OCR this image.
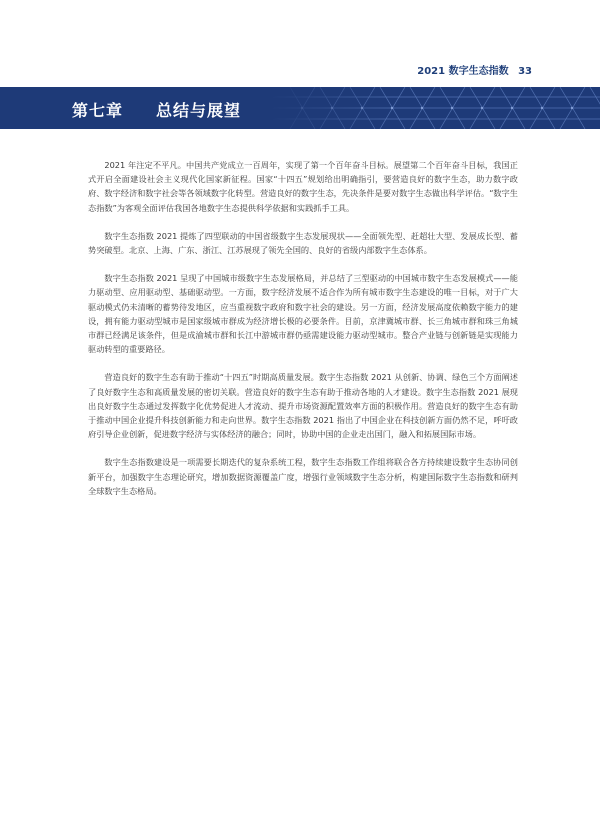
2021 数字生态指数 33
第七章 总结与展望

2021 年注定不平凡。中国共产党成立一百周年，实现了第一个百年奋斗目标。展望第二个百年奋斗目标，我国正式开启全面建设社会主义现代化国家新征程。国家“十四五”规划给出明确指引，要营造良好的数字生态，助力数字政府、数字经济和数字社会等各领域数字化转型。营造良好的数字生态，先决条件是要对数字生态做出科学评估。“数字生态指数”为客观全面评估我国各地数字生态提供科学依据和实践抓手工具。

数字生态指数 2021 提炼了四型联动的中国省级数字生态发展现状——全面领先型、赶超壮大型、发展成长型、蓄势突破型。北京、上海、广东、浙江、江苏展现了领先全国的、良好的省级内部数字生态体系。

数字生态指数 2021 呈现了中国城市级数字生态发展格局，并总结了三型驱动的中国城市数字生态发展模式——能力驱动型、应用驱动型、基础驱动型。一方面，数字经济发展不适合作为所有城市数字生态建设的唯一目标，对于广大驱动模式仍未清晰的蓄势待发地区，应当重视数字政府和数字社会的建设。另一方面，经济发展高度依赖数字能力的建设，拥有能力驱动型城市是国家级城市群成为经济增长极的必要条件。目前，京津冀城市群、长三角城市群和珠三角城市群已经满足该条件，但是成渝城市群和长江中游城市群仍亟需建设能力驱动型城市。整合产业链与创新链是实现能力驱动转型的重要路径。

营造良好的数字生态有助于推动“十四五”时期高质量发展。数字生态指数 2021 从创新、协调、绿色三个方面阐述了良好数字生态和高质量发展的密切关联。营造良好的数字生态有助于推动各地的人才建设。数字生态指数 2021 展现出良好数字生态通过发挥数字化优势促进人才流动、提升市场资源配置效率方面的积极作用。营造良好的数字生态有助于推动中国企业提升科技创新能力和走向世界。数字生态指数 2021 指出了中国企业在科技创新方面仍然不足，呼吁政府引导企业创新，促进数字经济与实体经济的融合；同时，协助中国的企业走出国门，融入和拓展国际市场。

数字生态指数建设是一项需要长期迭代的复杂系统工程，数字生态指数工作组将联合各方持续建设数字生态协同创新平台，加强数字生态理论研究，增加数据资源覆盖广度，增强行业领域数字生态分析，构建国际数字生态指数和研判全球数字生态格局。
